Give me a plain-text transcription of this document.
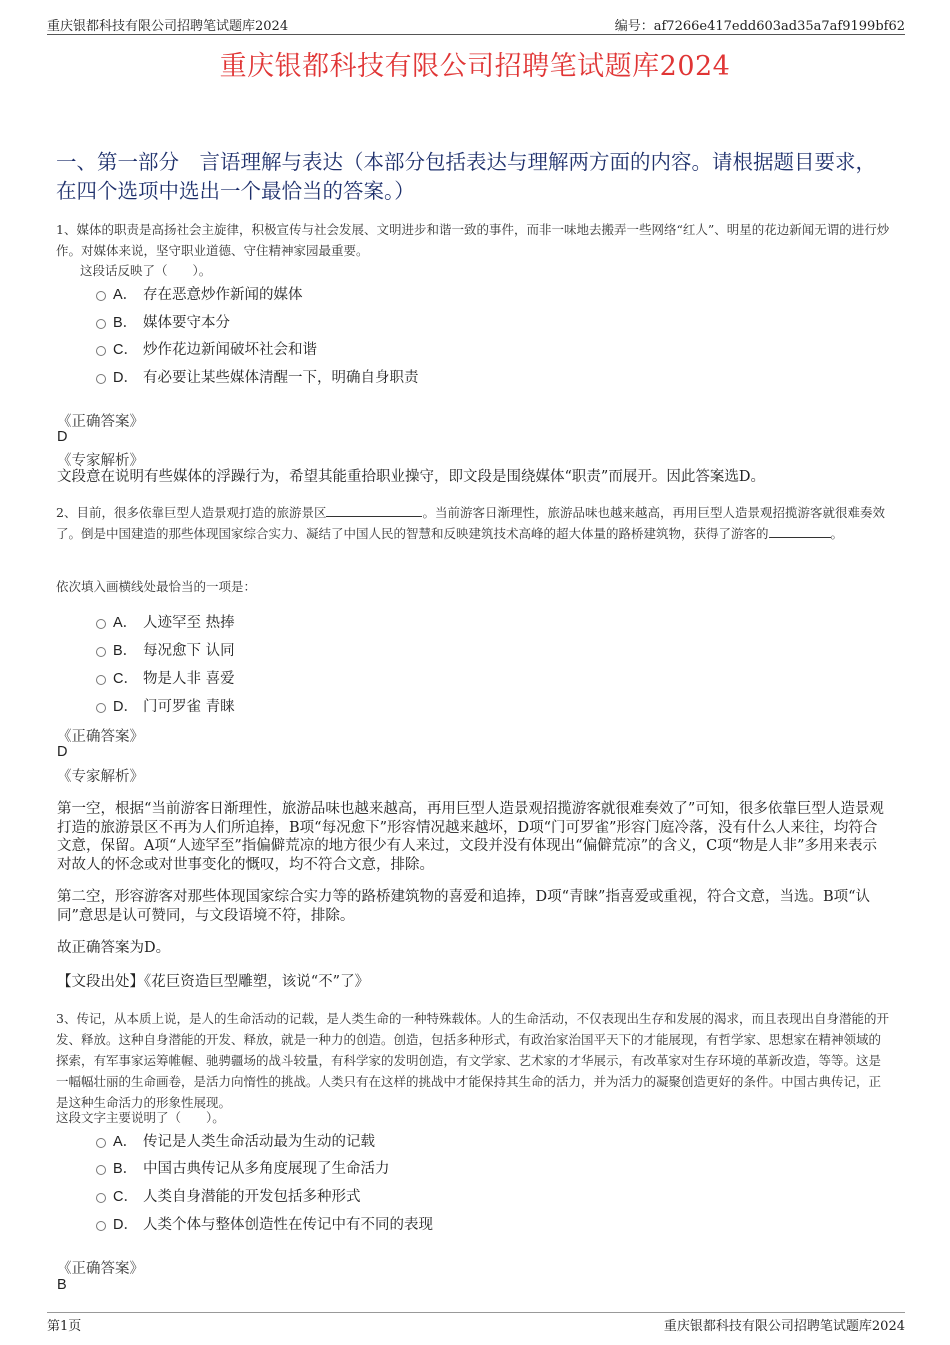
重庆银都科技有限公司招聘笔试题库2024	编号：af7266e417edd603ad35a7af9199bf62
重庆银都科技有限公司招聘笔试题库2024
一、第一部分　言语理解与表达（本部分包括表达与理解两方面的内容。请根据题目要求，在四个选项中选出一个最恰当的答案。）
1、媒体的职责是高扬社会主旋律，积极宣传与社会发展、文明进步和谐一致的事件，而非一味地去搬弄一些网络“红人”、明星的花边新闻无谓的进行炒作。对媒体来说，坚守职业道德、守住精神家园最重要。
这段话反映了（　　）。
A． 存在恶意炒作新闻的媒体
B． 媒体要守本分
C． 炒作花边新闻破坏社会和谐
D． 有必要让某些媒体清醒一下，明确自身职责
《正确答案》
D
《专家解析》
文段意在说明有些媒体的浮躁行为，希望其能重拾职业操守，即文段是围绕媒体“职责”而展开。因此答案选D。
2、目前，很多依靠巨型人造景观打造的旅游景区	。当前游客日渐理性，旅游品味也越来越高，再用巨型人造景观招揽游客就很难奏效了。倒是中国建造的那些体现国家综合实力、凝结了中国人民的智慧和反映建筑技术高峰的超大体量的路桥建筑物，获得了游客的	。
依次填入画横线处最恰当的一项是：
A． 人迹罕至 热捧
B． 每况愈下 认同
C． 物是人非 喜爱
D． 门可罗雀 青睐
《正确答案》
D
《专家解析》
第一空，根据“当前游客日渐理性，旅游品味也越来越高，再用巨型人造景观招揽游客就很难奏效了”可知，很多依靠巨型人造景观打造的旅游景区不再为人们所追捧，B项“每况愈下”形容情况越来越坏，D项“门可罗雀”形容门庭冷落，没有什么人来往，均符合文意，保留。A项“人迹罕至”指偏僻荒凉的地方很少有人来过，文段并没有体现出“偏僻荒凉”的含义，C项“物是人非”多用来表示对故人的怀念或对世事变化的慨叹，均不符合文意，排除。
第二空，形容游客对那些体现国家综合实力等的路桥建筑物的喜爱和追捧，D项“青睐”指喜爱或重视，符合文意，当选。B项“认同”意思是认可赞同，与文段语境不符，排除。
故正确答案为D。
【文段出处】《花巨资造巨型雕塑，该说“不”了》
3、传记，从本质上说，是人的生命活动的记载，是人类生命的一种特殊载体。人的生命活动，不仅表现出生存和发展的渴求，而且表现出自身潜能的开发、释放。这种自身潜能的开发、释放，就是一种力的创造。创造，包括多种形式，有政治家治国平天下的才能展现，有哲学家、思想家在精神领域的探索，有军事家运筹帷幄、驰骋疆场的战斗较量，有科学家的发明创造，有文学家、艺术家的才华展示，有改革家对生存环境的革新改造，等等。这是一幅幅壮丽的生命画卷，是活力向惰性的挑战。人类只有在这样的挑战中才能保持其生命的活力，并为活力的凝聚创造更好的条件。中国古典传记，正是这种生命活力的形象性展现。
这段文字主要说明了（　　）。
A． 传记是人类生命活动最为生动的记载
B． 中国古典传记从多角度展现了生命活力
C． 人类自身潜能的开发包括多种形式
D． 人类个体与整体创造性在传记中有不同的表现
《正确答案》
B
第1页	重庆银都科技有限公司招聘笔试题库2024
